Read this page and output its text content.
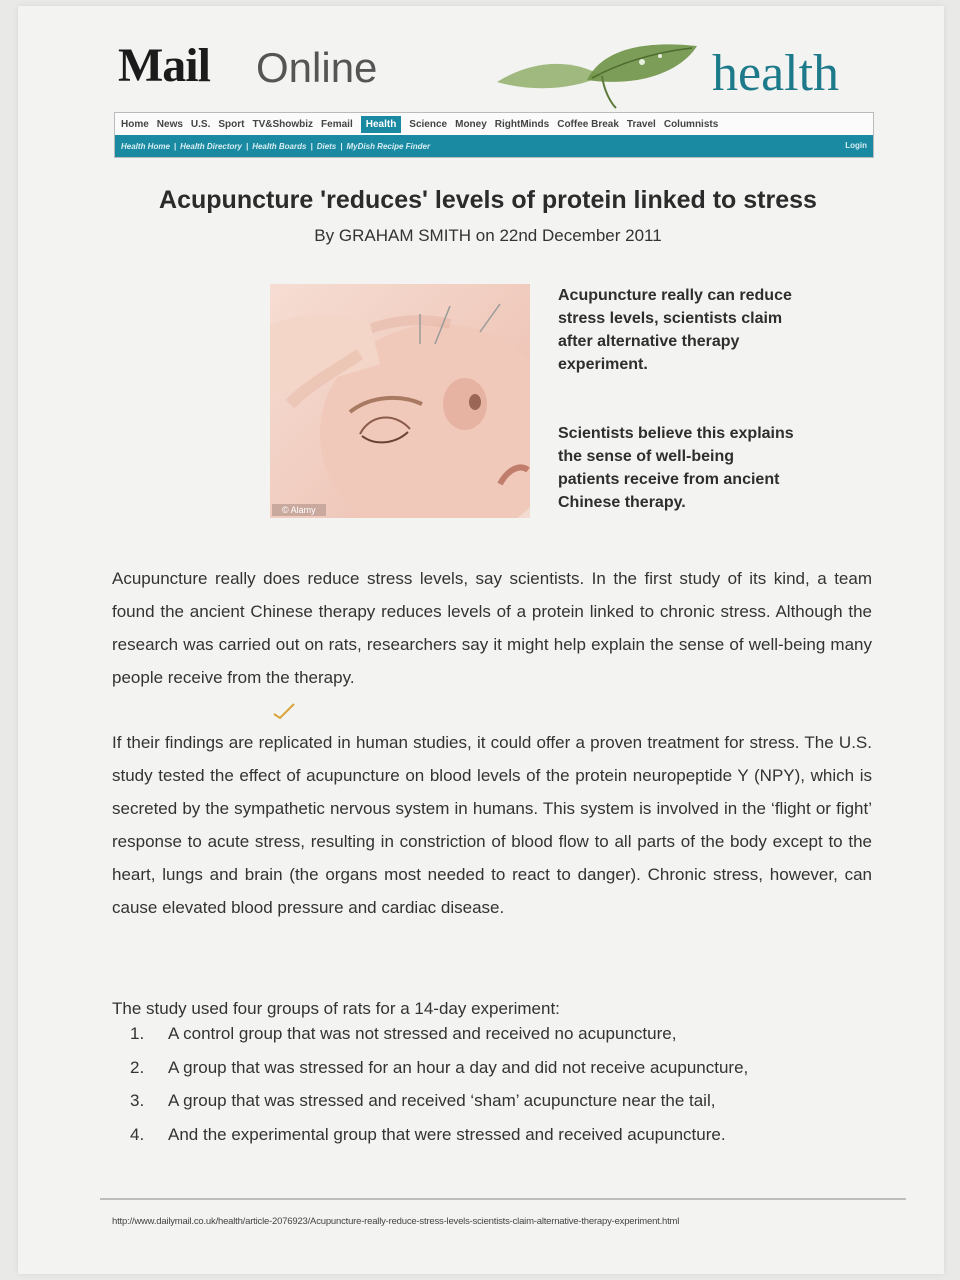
Mail Online	health
Home News U.S. Sport TV&Showbiz Femail	Health	Science Money RightMinds Coffee Break Travel Columnists
Health Home | Health Directory | Health Boards | Diets | MyDish Recipe Finder	Login
Acupuncture 'reduces' levels of protein linked to stress
By GRAHAM SMITH on 22nd December 2011
© Alamy
Acupuncture really can reduce stress levels, scientists claim after alternative therapy experiment.
Scientists believe this explains the sense of well-being patients receive from ancient Chinese therapy.
Acupuncture really does reduce stress levels, say scientists. In the first study of its kind, a team found the ancient Chinese therapy reduces levels of a protein linked to chronic stress. Although the research was carried out on rats, researchers say it might help explain the sense of well-being many people receive from the therapy.
If their findings are replicated in human studies, it could offer a proven treatment for stress. The U.S. study tested the effect of acupuncture on blood levels of the protein neuropeptide Y (NPY), which is secreted by the sympathetic nervous system in humans. This system is involved in the ‘flight or fight’ response to acute stress, resulting in constriction of blood flow to all parts of the body except to the heart, lungs and brain (the organs most needed to react to danger). Chronic stress, however, can cause elevated blood pressure and cardiac disease.
The study used four groups of rats for a 14-day experiment:
1.	A control group that was not stressed and received no acupuncture,
2.	A group that was stressed for an hour a day and did not receive acupuncture,
3.	A group that was stressed and received ‘sham’ acupuncture near the tail,
4.	And the experimental group that were stressed and received acupuncture.
http://www.dailymail.co.uk/health/article-2076923/Acupuncture-really-reduce-stress-levels-scientists-claim-alternative-therapy-experiment.html
